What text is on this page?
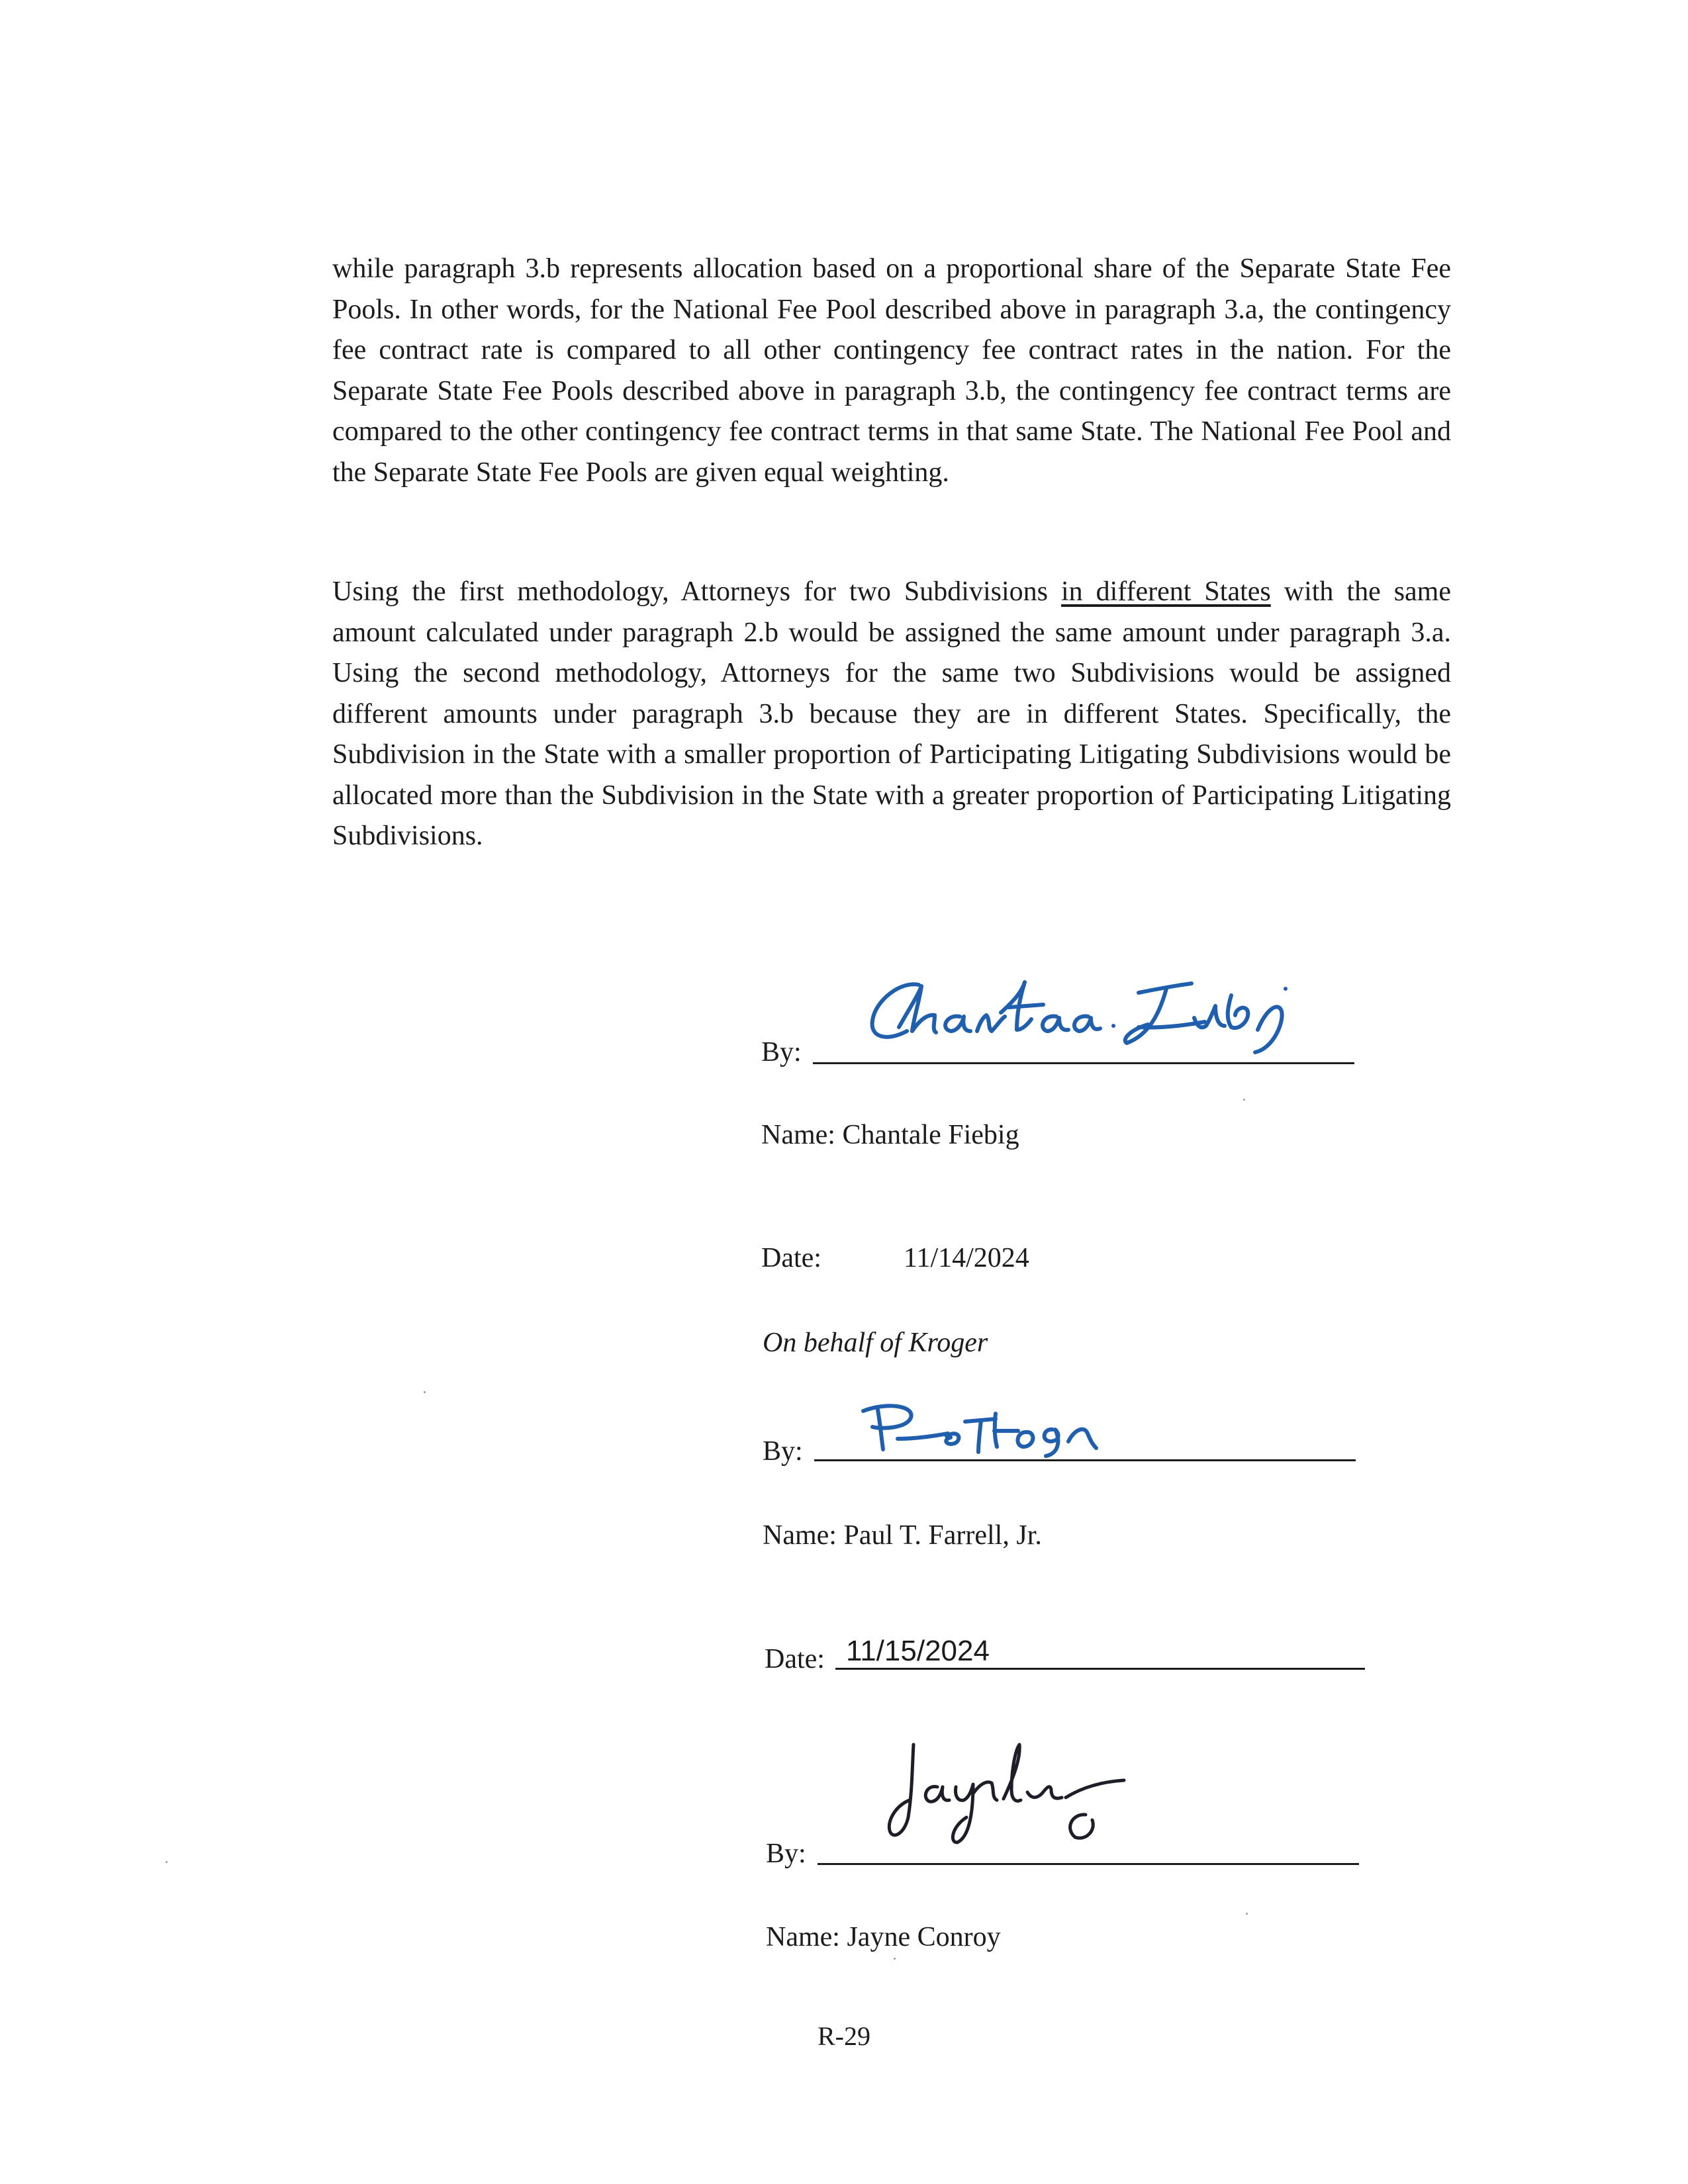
while paragraph 3.b represents allocation based on a proportional share of the Separate State Fee Pools. In other words, for the National Fee Pool described above in paragraph 3.a, the contingency fee contract rate is compared to all other contingency fee contract rates in the nation. For the Separate State Fee Pools described above in paragraph 3.b, the contingency fee contract terms are compared to the other contingency fee contract terms in that same State. The National Fee Pool and the Separate State Fee Pools are given equal weighting.

Using the first methodology, Attorneys for two Subdivisions in different States with the same amount calculated under paragraph 2.b would be assigned the same amount under paragraph 3.a. Using the second methodology, Attorneys for the same two Subdivisions would be assigned different amounts under paragraph 3.b because they are in different States. Specifically, the Subdivision in the State with a smaller proportion of Participating Litigating Subdivisions would be allocated more than the Subdivision in the State with a greater proportion of Participating Litigating Subdivisions.

By:
Name: Chantale Fiebig
Date:	11/14/2024
On behalf of Kroger
By:
Name: Paul T. Farrell, Jr.
Date: 11/15/2024
By:
Name: Jayne Conroy
R-29
